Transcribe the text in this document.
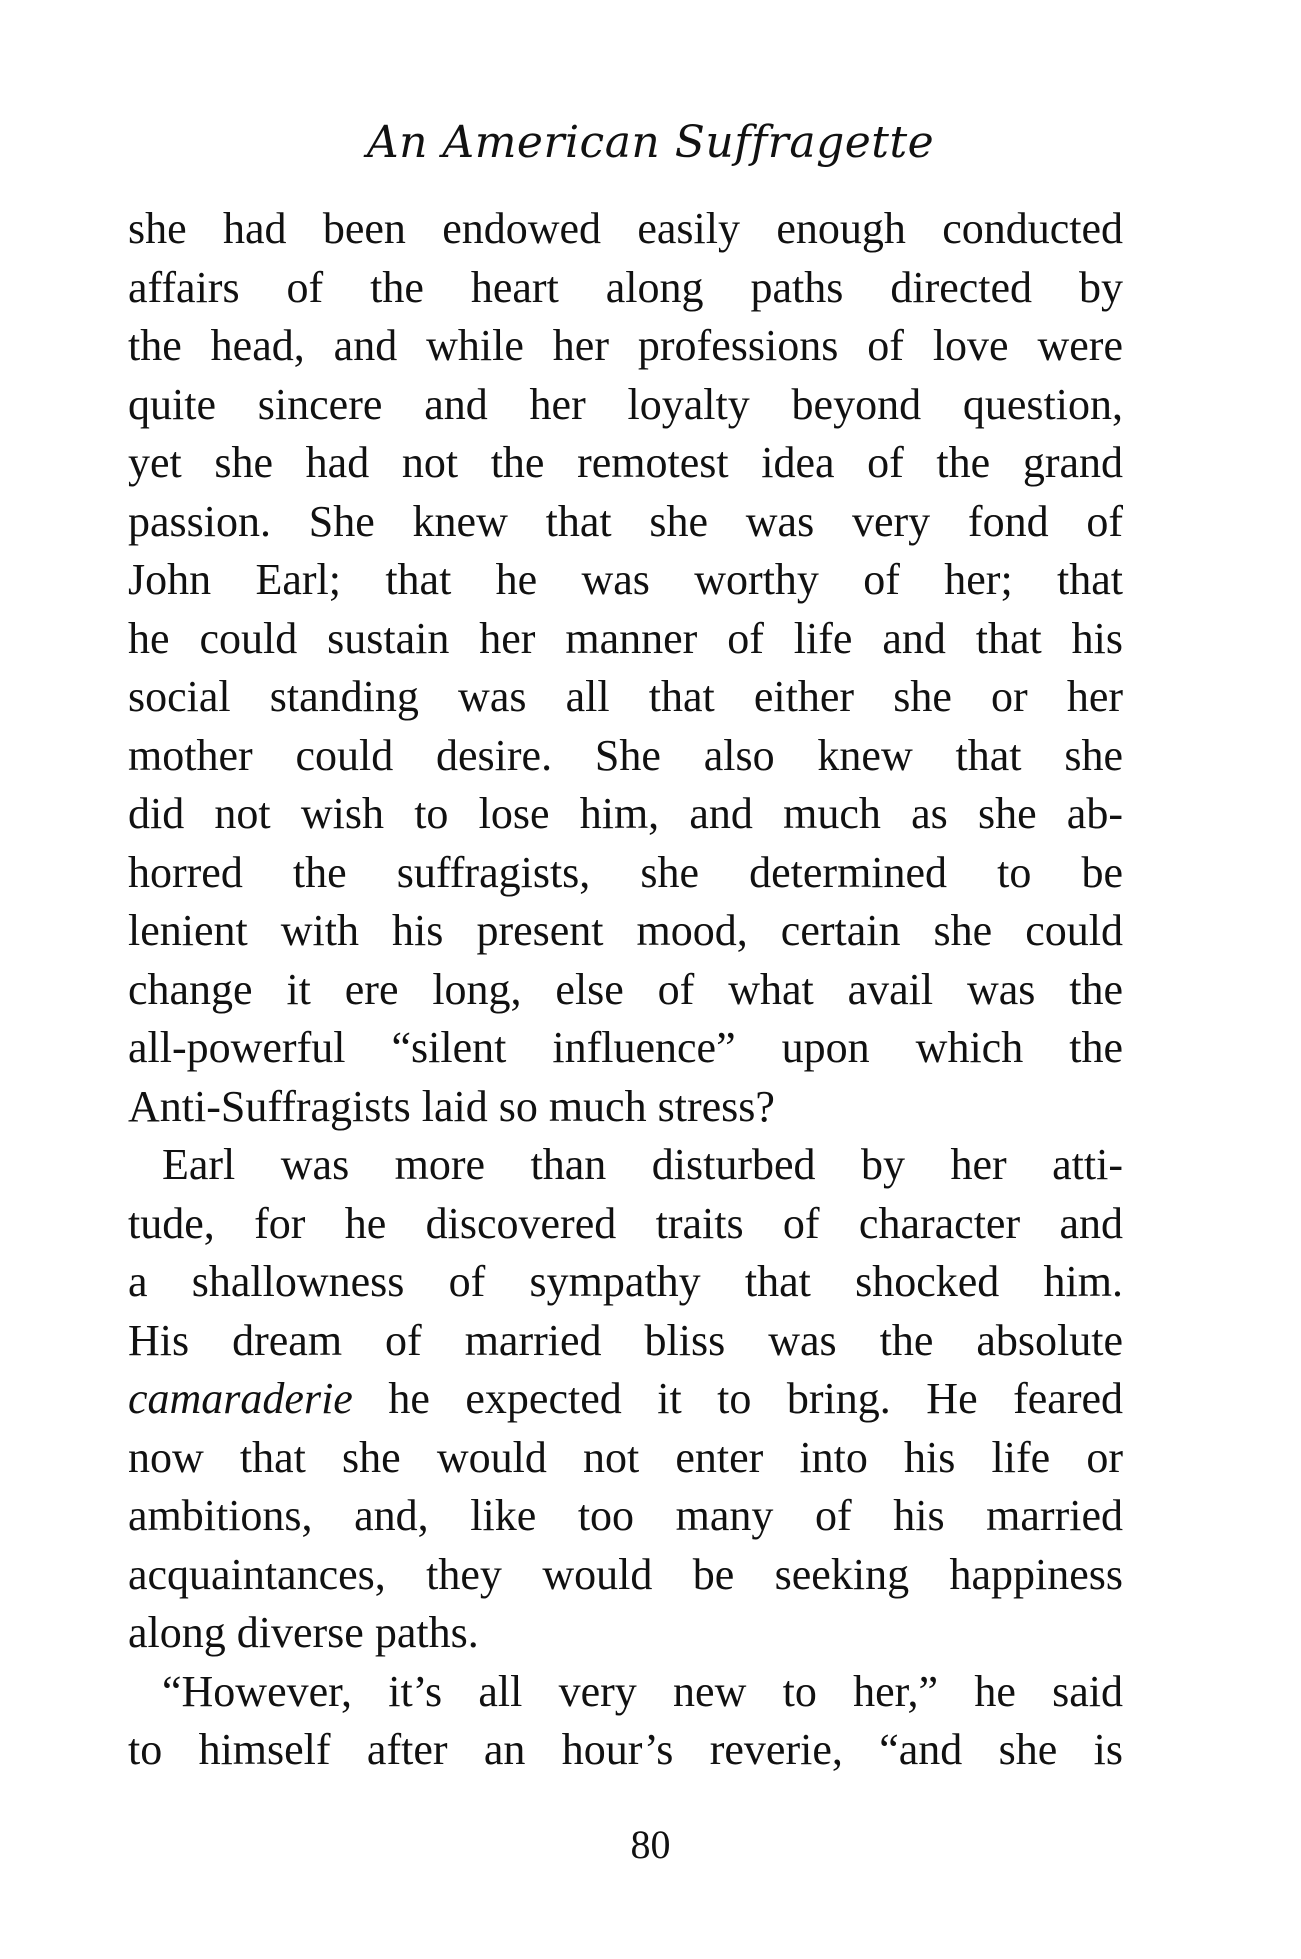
An American Suffragette
she had been endowed easily enough conducted
affairs of the heart along paths directed by
the head, and while her professions of love were
quite sincere and her loyalty beyond question,
yet she had not the remotest idea of the grand
passion. She knew that she was very fond of
John Earl; that he was worthy of her; that
he could sustain her manner of life and that his
social standing was all that either she or her
mother could desire. She also knew that she
did not wish to lose him, and much as she ab-
horred the suffragists, she determined to be
lenient with his present mood, certain she could
change it ere long, else of what avail was the
all-powerful “silent influence” upon which the
Anti-Suffragists laid so much stress?
Earl was more than disturbed by her atti-
tude, for he discovered traits of character and
a shallowness of sympathy that shocked him.
His dream of married bliss was the absolute
camaraderie he expected it to bring. He feared
now that she would not enter into his life or
ambitions, and, like too many of his married
acquaintances, they would be seeking happiness
along diverse paths.
“However, it’s all very new to her,” he said
to himself after an hour’s reverie, “and she is
80
